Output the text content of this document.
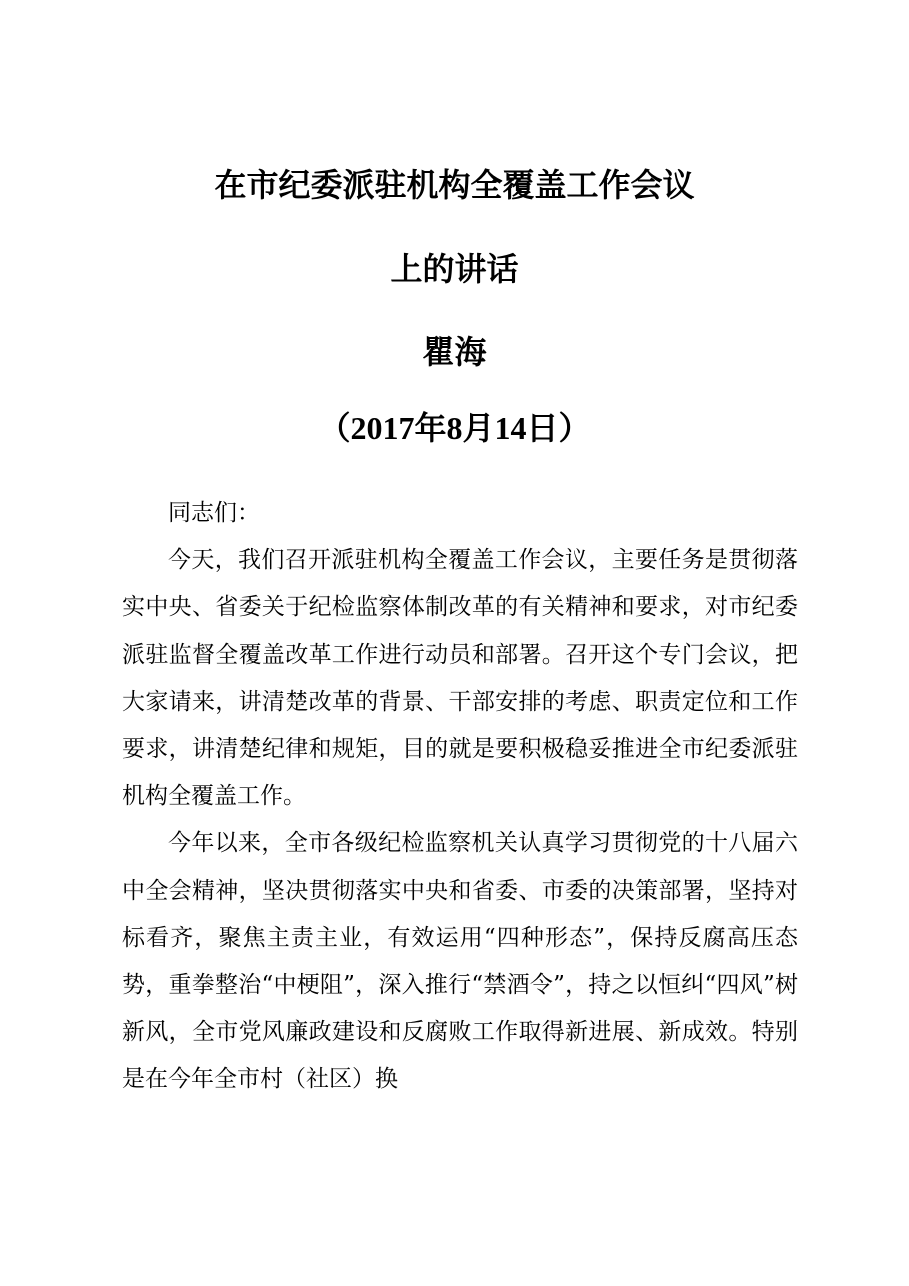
在市纪委派驻机构全覆盖工作会议
上的讲话
瞿海
（2017年8月14日）

同志们：

今天，我们召开派驻机构全覆盖工作会议，主要任务是贯彻落实中央、省委关于纪检监察体制改革的有关精神和要求，对市纪委派驻监督全覆盖改革工作进行动员和部署。召开这个专门会议，把大家请来，讲清楚改革的背景、干部安排的考虑、职责定位和工作要求，讲清楚纪律和规矩，目的就是要积极稳妥推进全市纪委派驻机构全覆盖工作。

今年以来，全市各级纪检监察机关认真学习贯彻党的十八届六中全会精神，坚决贯彻落实中央和省委、市委的决策部署，坚持对标看齐，聚焦主责主业，有效运用“四种形态”，保持反腐高压态势，重拳整治“中梗阻”，深入推行“禁酒令”，持之以恒纠“四风”树新风，全市党风廉政建设和反腐败工作取得新进展、新成效。特别是在今年全市村（社区）换
